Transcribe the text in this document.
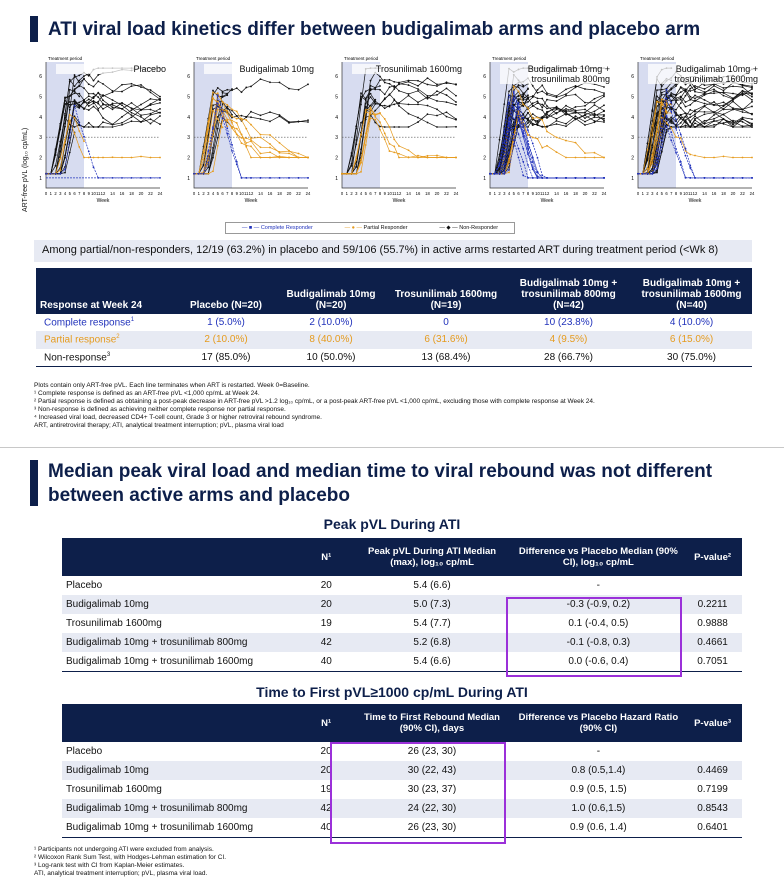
ATI viral load kinetics differ between budigalimab arms and placebo arm
ART-free pVL (log₁₀ cp/mL) 1
2
3
4
5
6
0 1 2 3 4 5 6 7 8 9 10 11 12 14 16 18 20 22 24
Week
Treatment period
Placebo
1
2
3
4
5
6
0 1 2 3 4 5 6 7 8 9 10 11 12 14 16 18 20 22 24
Week
Treatment period
Budigalimab 10mg
1
2
3
4
5
6
0 1 2 3 4 5 6 7 8 9 10 11 12 14 16 18 20 22 24
Week
Treatment period
Trosunilimab 1600mg
1
2
3
4
5
6
0 1 2 3 4 5 6 7 8 9 10 11 12 14 16 18 20 22 24
Week
Treatment period
Budigalimab 10mg + trosunilimab 800mg
1
2
3
4
5
6
0 1 2 3 4 5 6 7 8 9 10 11 12 14 16 18 20 22 24
Week
Treatment period
Budigalimab 10mg + trosunilimab 1600mg
— ■ — Complete Responder	— ● — Partial Responder	— ◆ — Non-Responder
Among partial/non-responders, 12/19 (63.2%) in placebo and 59/106 (55.7%) in active arms restarted ART during treatment period (<Wk 8)
Response at Week 24	Placebo (N=20)	Budigalimab 10mg (N=20)	Trosunilimab 1600mg (N=19)	Budigalimab 10mg + trosunilimab 800mg (N=42)	Budigalimab 10mg + trosunilimab 1600mg (N=40)
Complete response$^1$	1 (5.0%)	2 (10.0%)	0	10 (23.8%)	4 (10.0%)
Partial response$^2$	2 (10.0%)	8 (40.0%)	6 (31.6%)	4 (9.5%)	6 (15.0%)
Non-response$^3$	17 (85.0%)	10 (50.0%)	13 (68.4%)	28 (66.7%)	30 (75.0%)
Plots contain only ART-free pVL. Each line terminates when ART is restarted. Week 0=Baseline.
¹ Complete response is defined as an ART-free pVL <1,000 cp/mL at Week 24.
² Partial response is defined as obtaining a post-peak decrease in ART-free pVL >1.2 log₁₀ cp/mL, or a post-peak ART-free pVL <1,000 cp/mL, excluding those with complete response at Week 24.
³ Non-response is defined as achieving neither complete response nor partial response.
⁴ Increased viral load, decreased CD4+ T-cell count, Grade 3 or higher retroviral rebound syndrome.
ART, antiretroviral therapy; ATI, analytical treatment interruption; pVL, plasma viral load
Median peak viral load and median time to viral rebound was not different
between active arms and placebo
Peak pVL During ATI
	N¹	Peak pVL During ATI Median (max), log₁₀ cp/mL	Difference vs Placebo Median (90% CI), log₁₀ cp/mL	P-value²
Placebo	20	5.4 (6.6)	-	
Budigalimab 10mg	20	5.0 (7.3)	-0.3 (-0.9, 0.2)	0.2211
Trosunilimab 1600mg	19	5.4 (7.7)	0.1 (-0.4, 0.5)	0.9888
Budigalimab 10mg + trosunilimab 800mg	42	5.2 (6.8)	-0.1 (-0.8, 0.3)	0.4661
Budigalimab 10mg + trosunilimab 1600mg	40	5.4 (6.6)	0.0 (-0.6, 0.4)	0.7051
Time to First pVL≥1000 cp/mL During ATI
	N¹	Time to First Rebound Median (90% CI), days	Difference vs Placebo Hazard Ratio (90% CI)	P-value³
Placebo	20	26 (23, 30)	-	
Budigalimab 10mg	20	30 (22, 43)	0.8 (0.5,1.4)	0.4469
Trosunilimab 1600mg	19	30 (23, 37)	0.9 (0.5, 1.5)	0.7199
Budigalimab 10mg + trosunilimab 800mg	42	24 (22, 30)	1.0 (0.6,1.5)	0.8543
Budigalimab 10mg + trosunilimab 1600mg	40	26 (23, 30)	0.9 (0.6, 1.4)	0.6401
¹ Participants not undergoing ATI were excluded from analysis.
² Wilcoxon Rank Sum Test, with Hodges-Lehman estimation for CI.
³ Log-rank test with CI from Kaplan-Meier estimates.
ATI, analytical treatment interruption; pVL, plasma viral load.
